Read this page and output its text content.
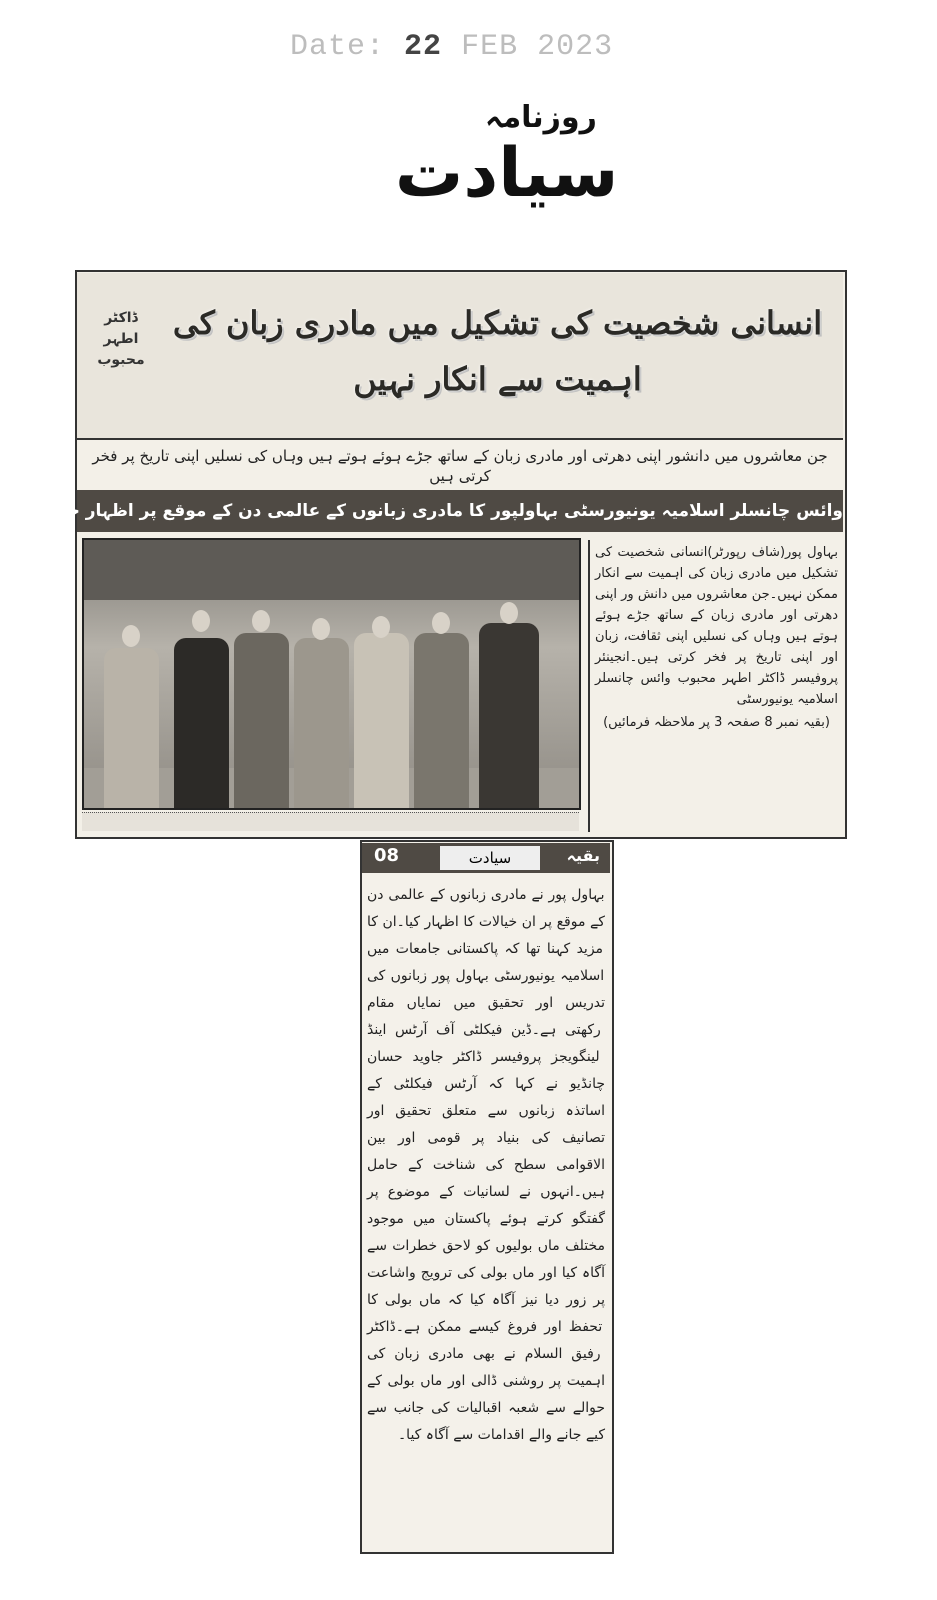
Date: 22 FEB 2023
روزنامہ
سیادت
انسانی شخصیت کی تشکیل میں مادری زبان کی اہمیت سے انکار نہیں
ڈاکٹر
اطہر
محبوب
جن معاشروں میں دانشور اپنی دھرتی اور مادری زبان کے ساتھ جڑے ہوئے ہوتے ہیں وہاں کی نسلیں اپنی تاریخ پر فخر کرتی ہیں
وائس چانسلر اسلامیہ یونیورسٹی بہاولپور کا مادری زبانوں کے عالمی دن کے موقع پر اظہار خیال
بہاول پور(شاف رپورٹر)انسانیشخصیت کی تشکیل میں مادری زبان کیاہمیت سے انکار ممکن نہیں۔جن معاشروںمیں دانش ور اپنی دھرتی اور مادری زبانکے ساتھ جڑے ہوئے ہوتے ہیں وہاںکی نسلیں اپنی ثقافت، زبان اور اپنی تاریخپر فخر کرتی ہیں۔انجینئر پروفیسر ڈاکٹر اطہرمحبوب وائس چانسلر اسلامیہ یونیورسٹی
(بقیہ نمبر 8 صفحہ 3 پر ملاحظہ فرمائیں)
08	سیادت	بقیہ
بہاول پور نے مادری زبانوں کے عالمی دنکے موقع پر ان خیالات کا اظہار کیا۔ان کامزید کہنا تھا کہ پاکستانی جامعات میںاسلامیہ یونیورسٹی بہاول پور زبانوں کیتدریس اور تحقیق میں نمایاں مقام رکھتیہے۔ڈین فیکلٹی آف آرٹس اینڈلینگویجز پروفیسر ڈاکٹر جاوید حسانچانڈیو نے کہا کہ آرٹس فیکلٹی کے اساتذہزبانوں سے متعلق تحقیق اور تصانیف کی بنیادپر قومی اور بین الاقوامی سطح کی شناخت کےحامل ہیں۔انہوں نے لسانیات کےموضوع پر گفتگو کرتے ہوئے پاکستان میںموجود مختلف ماں بولیوں کو لاحق خطراتسے آگاہ کیا اور ماں بولی کی ترویجواشاعت پر زور دیا نیز آگاہ کیا کہ ماں بولیکا تحفظ اور فروغ کیسے ممکن ہے۔ڈاکٹررفیق السلام نے بھی مادری زبان کیاہمیت پر روشنی ڈالی اور ماں بولی کے حوالےسے شعبہ اقبالیات کی جانب سے کیےجانے والے اقدامات سے آگاہ کیا۔
